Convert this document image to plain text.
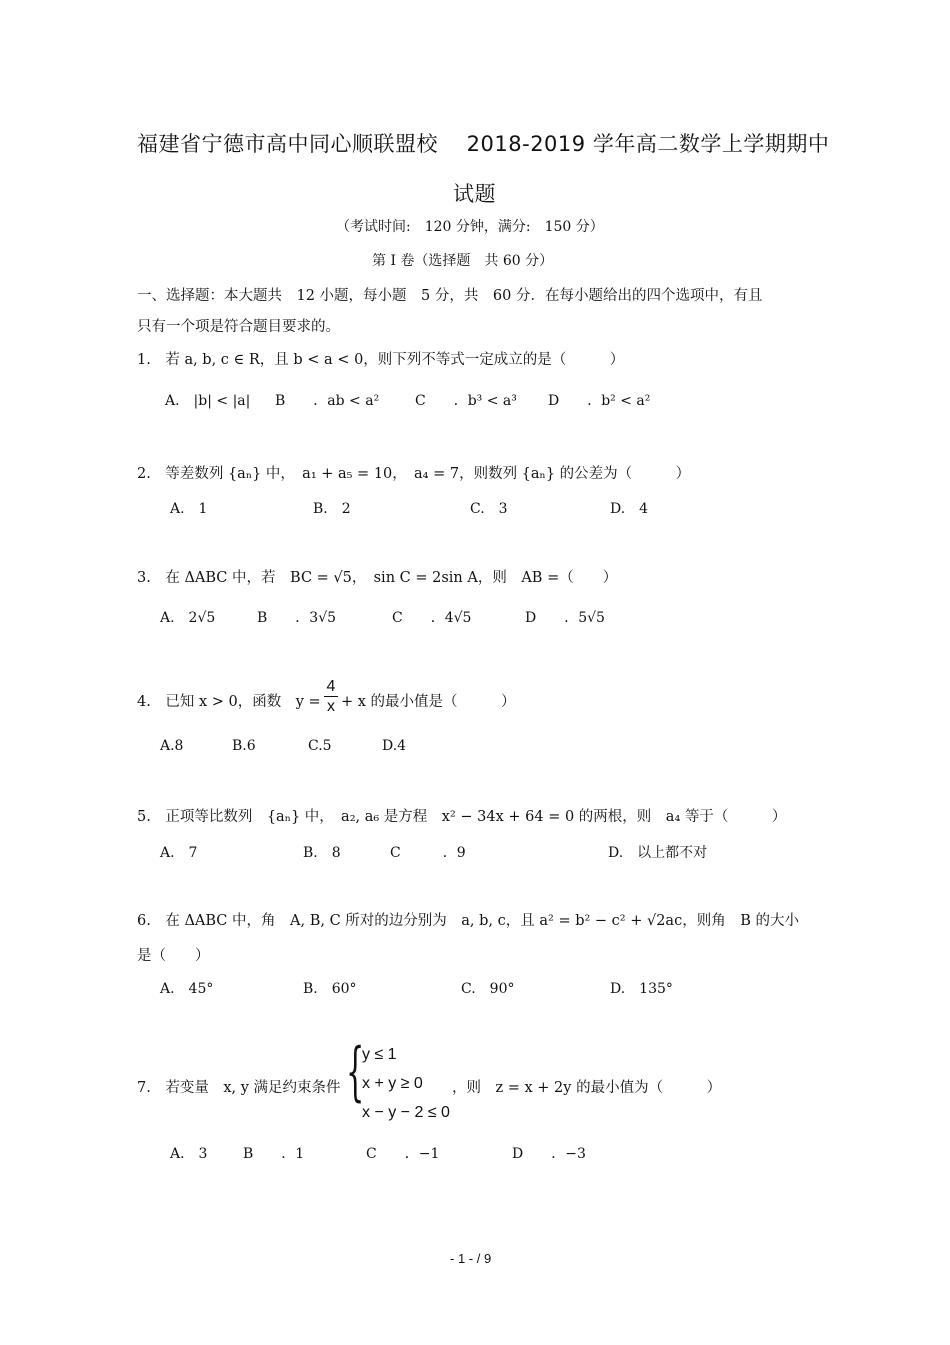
福建省宁德市高中同心顺联盟校　 2018-2019 学年高二数学上学期期中
试题
（考试时间:　120 分钟，满分:　150 分）
第 Ⅰ 卷（选择题　共 60 分）
一、选择题：本大题共　12 小题，每小题　5 分，共　60 分．在每小题给出的四个选项中，有且
只有一个项是符合题目要求的。
1.　若 a, b, c ∈ R，且 b < a < 0，则下列不等式一定成立的是（　　　）
A.　|b| < |a| B　　．ab < a²	C　　．b³ < a³ D　　．b² < a²
2.　等差数列 {aₙ} 中，　a₁ + a₅ = 10，　a₄ = 7，则数列 {aₙ} 的公差为（　　　）
A.　1	B.　2	C.　3	D.　4
3.　在 ΔABC 中，若　BC = √5，　sin C = 2sin A，则　AB =（　　）
A.　2√5	B　　．3√5	C　　．4√5	D　　．5√5
4.　已知 x > 0，函数　y =
4
x + x 的最小值是（　　　）
A.8	B.6	C.5	D.4
5.　正项等比数列　{aₙ} 中，　a₂, a₆ 是方程　x² − 34x + 64 = 0 的两根，则　a₄ 等于（　　　）
A.　7	B.　8	C　　　．9	D.　以上都不对
6.　在 ΔABC 中，角　A, B, C 所对的边分别为　a, b, c，且 a² = b² − c² + √2ac，则角　B 的大小
是（　　）
A.　45°	B.　60°	C.　90°	D.　135°
7.　若变量　x, y 满足约束条件 {
y ≤ 1
x + y ≥ 0
x − y − 2 ≤ 0
，则　z = x + 2y 的最小值为（　　　）
A.　3	B　　．1	C　　．−1	D　　．−3
- 1 - / 9
